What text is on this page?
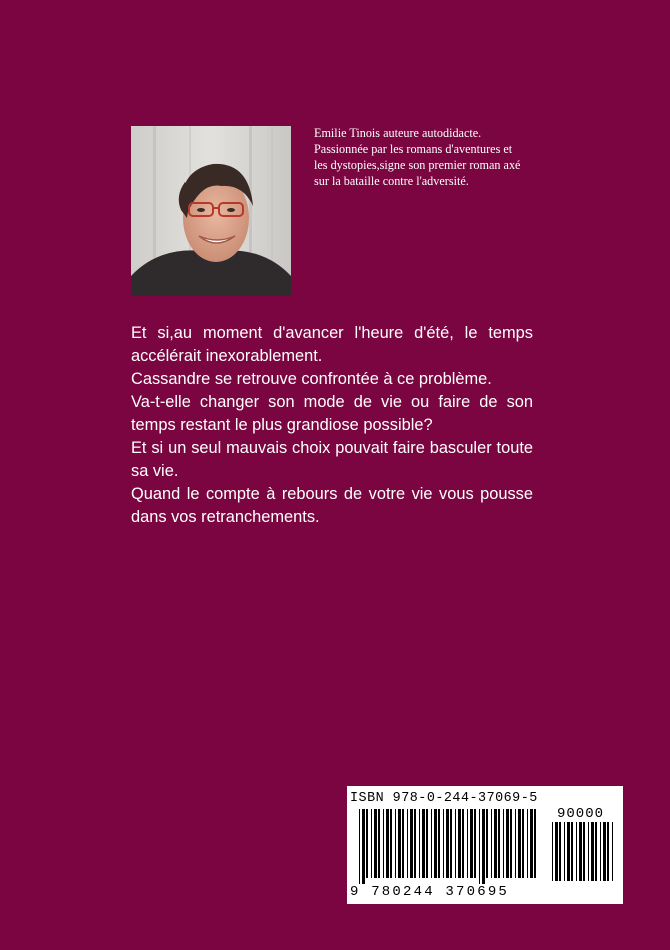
Emilie Tinois auteure autodidacte. Passionnée par les romans d'aventures et les dystopies,signe son premier roman axé sur la bataille contre l'adversité.

Et si,au moment d'avancer l'heure d'été, le temps accélérait inexorablement.
Cassandre se retrouve confrontée à ce problème.
Va-t-elle changer son mode de vie ou faire de son temps restant le plus grandiose possible?
Et si un seul mauvais choix pouvait faire basculer toute sa vie.
Quand le compte à rebours de votre vie vous pousse dans vos retranchements.
ISBN 978-0-244-37069-5
90000
9 780244 370695
